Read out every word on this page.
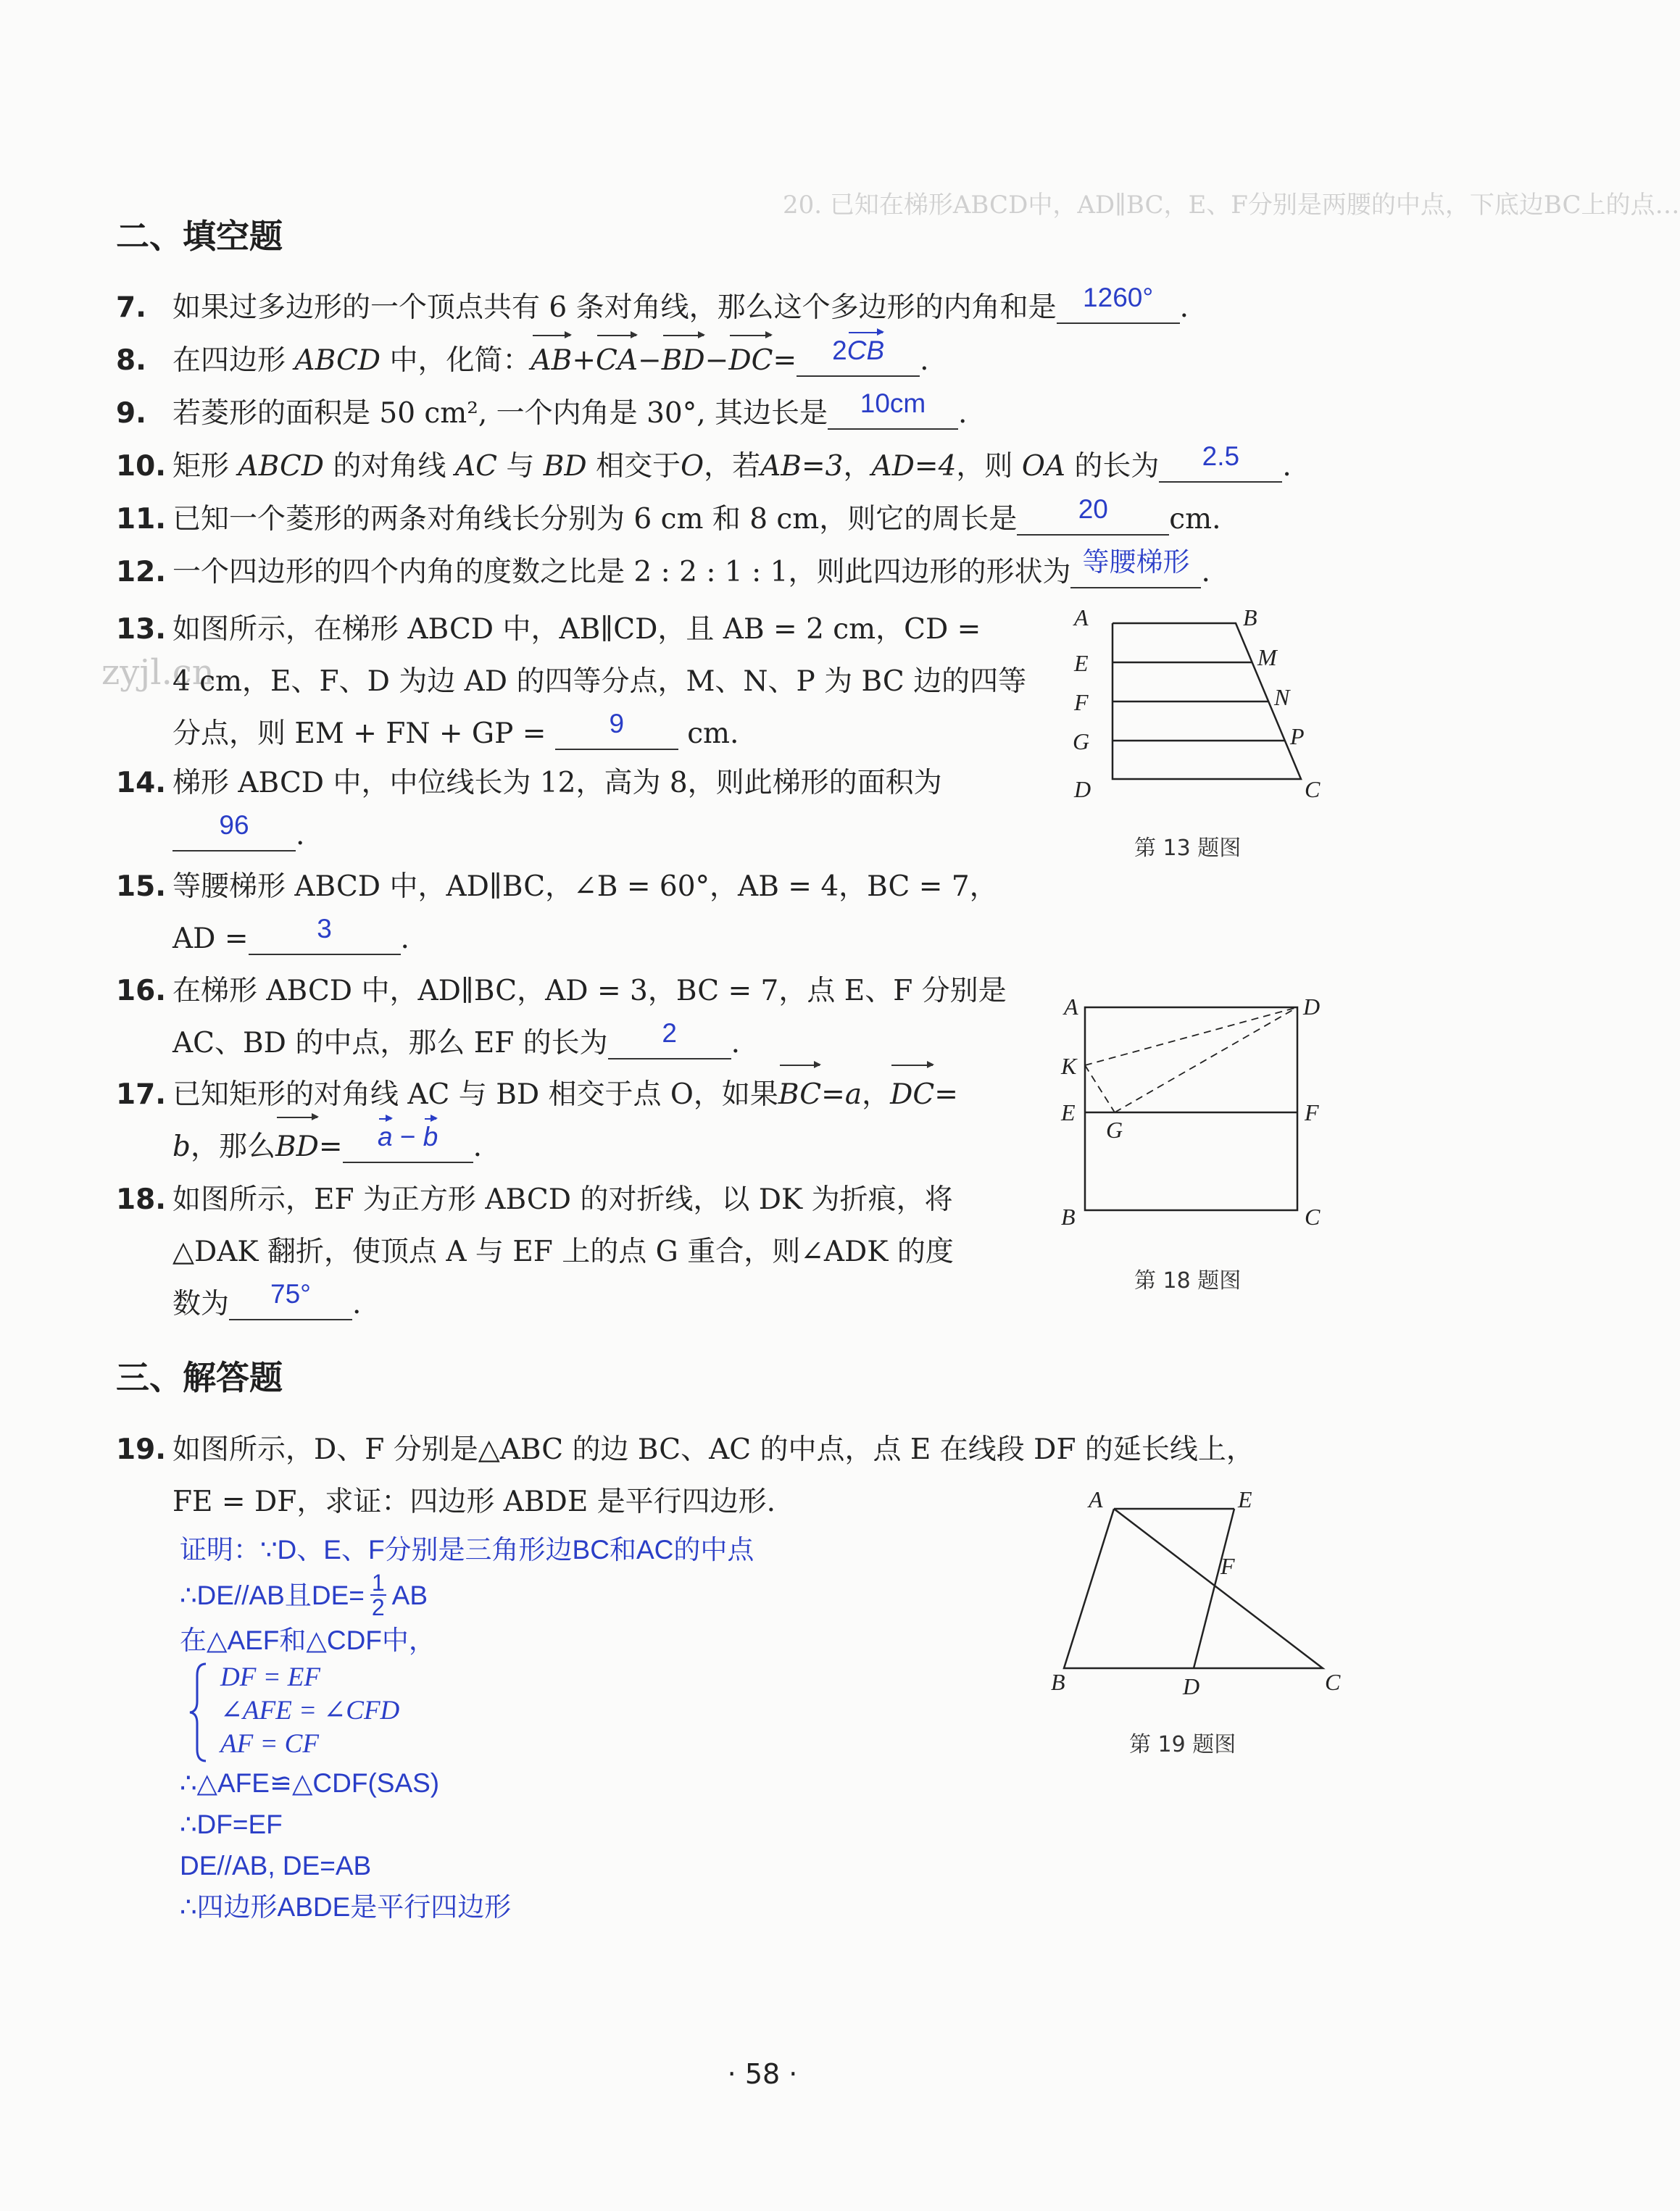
20. 已知在梯形ABCD中，AD∥BC，E、F分别是两腰的中点，下底边BC上的点…
zyjl.cn
二、填空题
7. 如果过多边形的一个顶点共有 6 条对角线，那么这个多边形的内角和是 1260° .
8. 在四边形 ABCD 中，化简：AB+CA−BD−DC= 2CB .
9. 若菱形的面积是 50 cm², 一个内角是 30°, 其边长是 10cm .
10. 矩形 ABCD 的对角线 AC 与 BD 相交于O，若AB=3，AD=4，则 OA 的长为 2.5 .
11. 已知一个菱形的两条对角线长分别为 6 cm 和 8 cm，则它的周长是 20 cm.
12. 一个四边形的四个内角的度数之比是 2 : 2 : 1 : 1，则此四边形的形状为 等腰梯形 .
13. 如图所示，在梯形 ABCD 中，AB∥CD，且 AB = 2 cm，CD =
4 cm，E、F、D 为边 AD 的四等分点，M、N、P 为 BC 边的四等
分点，则 EM + FN + GP = 9 cm.
14. 梯形 ABCD 中，中位线长为 12，高为 8，则此梯形的面积为
96 .
15. 等腰梯形 ABCD 中，AD∥BC，∠B = 60°，AB = 4，BC = 7，
AD =	3 .
16. 在梯形 ABCD 中，AD∥BC，AD = 3，BC = 7，点 E、F 分别是
AC、BD 的中点，那么 EF 的长为 2 .
17. 已知矩形的对角线 AC 与 BD 相交于点 O，如果BC=a，DC=
b，那么BD= a − b .
18. 如图所示，EF 为正方形 ABCD 的对折线，以 DK 为折痕，将
△DAK 翻折，使顶点 A 与 EF 上的点 G 重合，则∠ADK 的度
数为 75° .
三、解答题
19. 如图所示，D、F 分别是△ABC 的边 BC、AC 的中点，点 E 在线段 DF 的延长线上，
FE = DF，求证：四边形 ABDE 是平行四边形.
证明：∵D、E、F分别是三角形边BC和AC的中点
∴DE//AB且$DE= \frac{1}{2}$ AB
在△AEF和△CDF中，
DF = EF
∠AFE = ∠CFD
AF = CF
∴△AFE≌△CDF(SAS)
∴DF=EF
DE//AB, DE=AB
∴四边形ABDE是平行四边形
A	B
E	M
F	N
G	P
D	C
第 13 题图
A	D
K
E
G
F
B	C
第 18 题图
A	E
F
B	D	C
第 19 题图
· 58 ·
